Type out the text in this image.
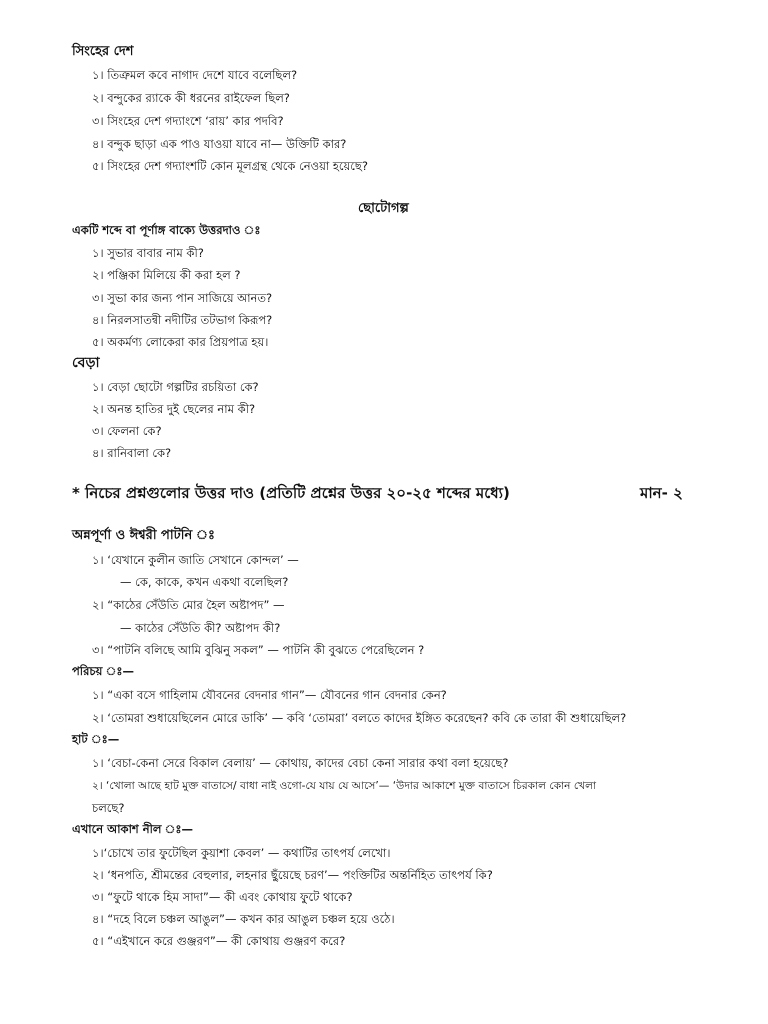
সিংহের দেশ
১। তিত্রুমল কবে নাগাদ দেশে যাবে বলেছিল?
২। বন্দুকের র‍্যাকে কী ধরনের রাইফেল ছিল?
৩। সিংহের দেশ গদ্যাংশে ‘রায়’ কার পদবি?
৪। বন্দুক ছাড়া এক পাও যাওয়া যাবে না— উক্তিটি কার?
৫। সিংহের দেশ গদ্যাংশটি কোন মূলগ্রন্থ থেকে নেওয়া হয়েছে?
ছোটোগল্প
একটি শব্দে বা পূর্ণাঙ্গ বাক্যে উত্তরদাও ঃ
১। সুভার বাবার নাম কী?
২। পঞ্জিকা মিলিয়ে কী করা হল ?
৩। সুভা কার জন্য পান সাজিয়ে আনত?
৪। নিরলসাতন্বী নদীটির তটভাগ কিরূপ?
৫। অকর্মণ্য লোকেরা কার প্রিয়পাত্র হয়।
বেড়া
১। বেড়া ছোটো গল্পটির রচয়িতা কে?
২। অনন্ত হাতির দুই ছেলের নাম কী?
৩। ফেলনা কে?
৪। রানিবালা কে?
* নিচের প্রশ্নগুলোর উত্তর দাও (প্রতিটি প্রশ্নের উত্তর ২০-২৫ শব্দের মধ্যে)	মান- ২
অন্নপূর্ণা ও ঈশ্বরী পাটনি ঃ
১। ‘যেখানে কুলীন জাতি সেখানে কোন্দল’ —
— কে, কাকে, কখন একথা বলেছিল?
২। “কাঠের সেঁউতি মোর হৈল অষ্টাপদ” —
— কাঠের সেঁউতি কী? অষ্টাপদ কী?
৩। “পাটনি বলিছে আমি বুঝিনু সকল” — পাটনি কী বুঝতে পেরেছিলেন ?
পরিচয় ঃ—
১। “একা বসে গাহিলাম যৌবনের বেদনার গান”— যৌবনের গান বেদনার কেন?
২। ‘তোমরা শুধায়েছিলেন মোরে ডাকি’ — কবি ‘তোমরা’ বলতে কাদের ইঙ্গিত করেছেন? কবি কে তারা কী শুধায়েছিল?
হাট ঃ—
১। ‘বেচা-কেনা সেরে বিকাল বেলায়’ — কোথায়, কাদের বেচা কেনা সারার কথা বলা হয়েছে?
২। ‘খোলা আছে হাট মুক্ত বাতাসে/ বাধা নাই ওগো-যে যায় যে আসে’— ‘উদার আকাশে মুক্ত বাতাসে চিরকাল কোন খেলা
চলছে?
এখানে আকাশ নীল ঃ—
১।‘চোখে তার ফুটেছিল কুয়াশা কেবল’ — কথাটির তাৎপর্য লেখো।
২। ‘ধনপতি, শ্রীমন্তের বেহুলার, লহনার ছুঁয়েছে চরণ’— পংক্তিটির অন্তর্নিহিত তাৎপর্য কি?
৩। “ফুটে থাকে হিম সাদা”— কী এবং কোথায় ফুটে থাকে?
৪। “দহে বিলে চঞ্চল আঙুল”— কখন কার আঙুল চঞ্চল হয়ে ওঠে।
৫। “এইখানে করে গুঞ্জরণ”— কী কোথায় গুঞ্জরণ করে?
